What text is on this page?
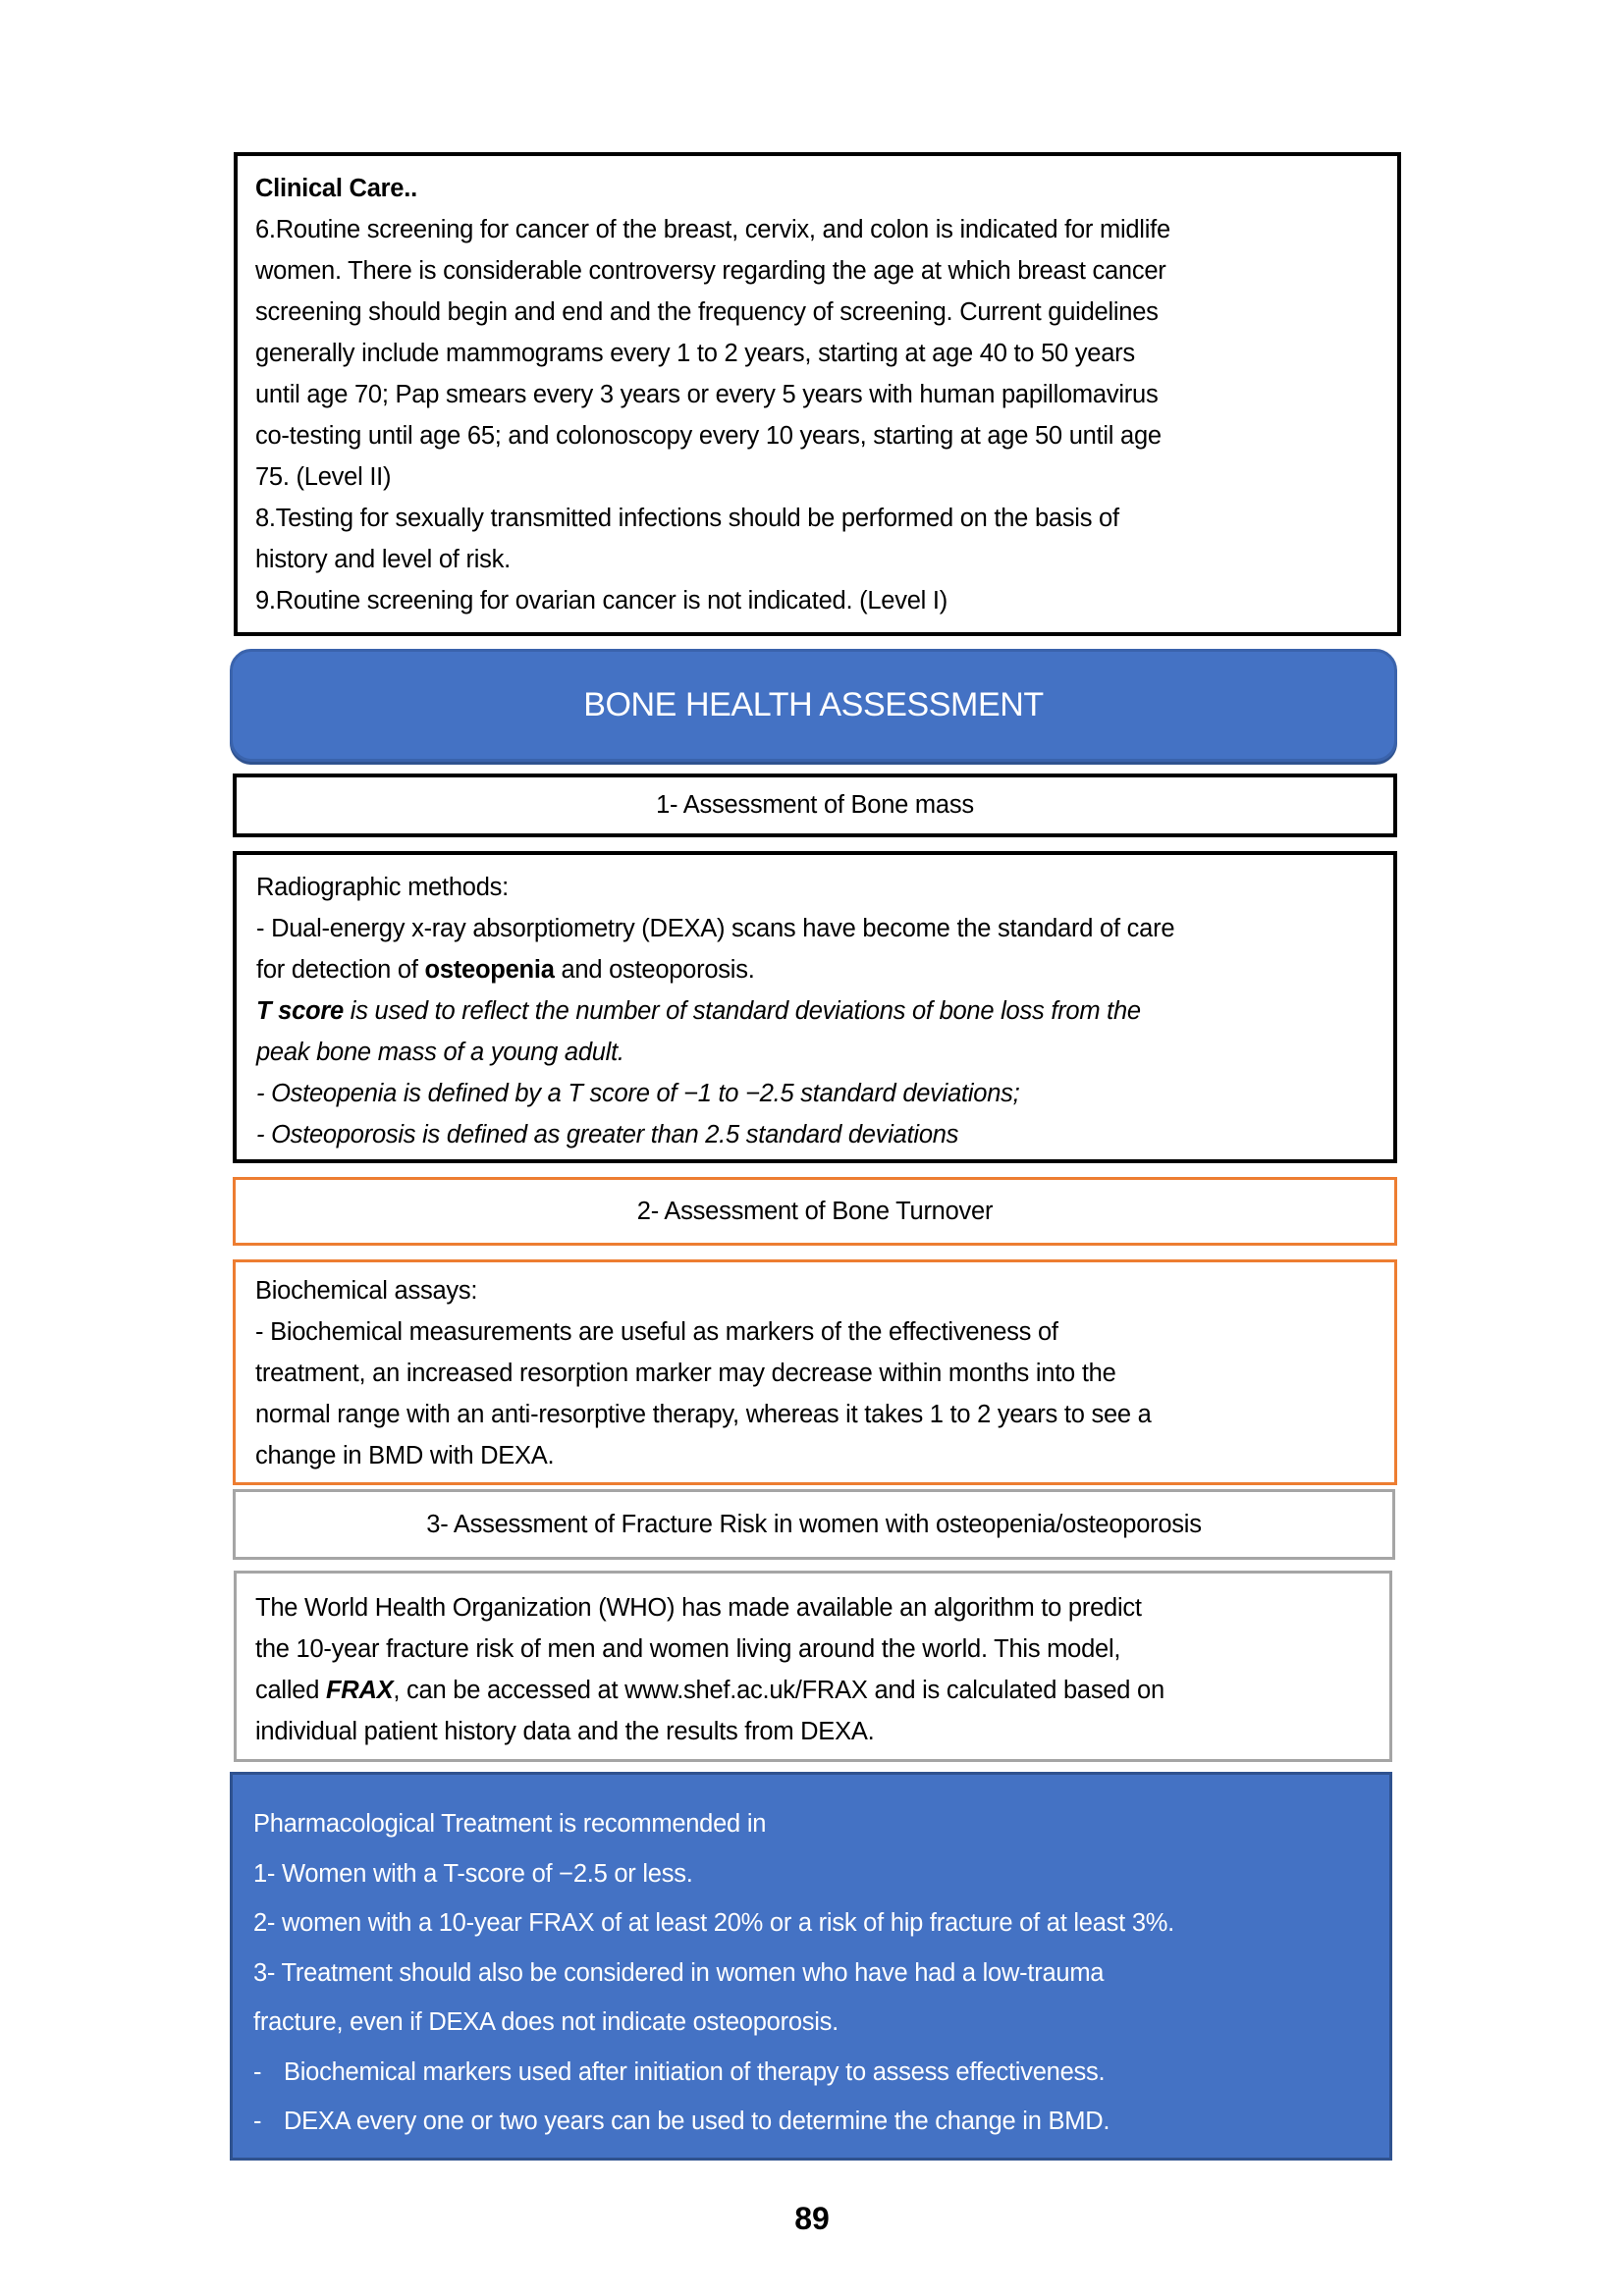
Clinical Care..
6.Routine screening for cancer of the breast, cervix, and colon is indicated for midlife
women. There is considerable controversy regarding the age at which breast cancer
screening should begin and end and the frequency of screening. Current guidelines
generally include mammograms every 1 to 2 years, starting at age 40 to 50 years
until age 70; Pap smears every 3 years or every 5 years with human papillomavirus
co-testing until age 65; and colonoscopy every 10 years, starting at age 50 until age
75. (Level II)
8.Testing for sexually transmitted infections should be performed on the basis of
history and level of risk.
9.Routine screening for ovarian cancer is not indicated. (Level I)
BONE HEALTH ASSESSMENT
1- Assessment of Bone mass
Radiographic methods:
- Dual-energy x-ray absorptiometry (DEXA) scans have become the standard of care
for detection of osteopenia and osteoporosis.
T score is used to reflect the number of standard deviations of bone loss from the
peak bone mass of a young adult.
- Osteopenia is defined by a T score of −1 to −2.5 standard deviations;
- Osteoporosis is defined as greater than 2.5 standard deviations
2- Assessment of Bone Turnover
Biochemical assays:
- Biochemical measurements are useful as markers of the effectiveness of
treatment, an increased resorption marker may decrease within months into the
normal range with an anti-resorptive therapy, whereas it takes 1 to 2 years to see a
change in BMD with DEXA.
3- Assessment of Fracture Risk in women with osteopenia/osteoporosis
The World Health Organization (WHO) has made available an algorithm to predict
the 10-year fracture risk of men and women living around the world. This model,
called FRAX, can be accessed at www.shef.ac.uk/FRAX and is calculated based on
individual patient history data and the results from DEXA.
Pharmacological Treatment is recommended in
1- Women with a T-score of −2.5 or less.
2- women with a 10-year FRAX of at least 20% or a risk of hip fracture of at least 3%.
3- Treatment should also be considered in women who have had a low-trauma
fracture, even if DEXA does not indicate osteoporosis.
- Biochemical markers used after initiation of therapy to assess effectiveness.
- DEXA every one or two years can be used to determine the change in BMD.
89
